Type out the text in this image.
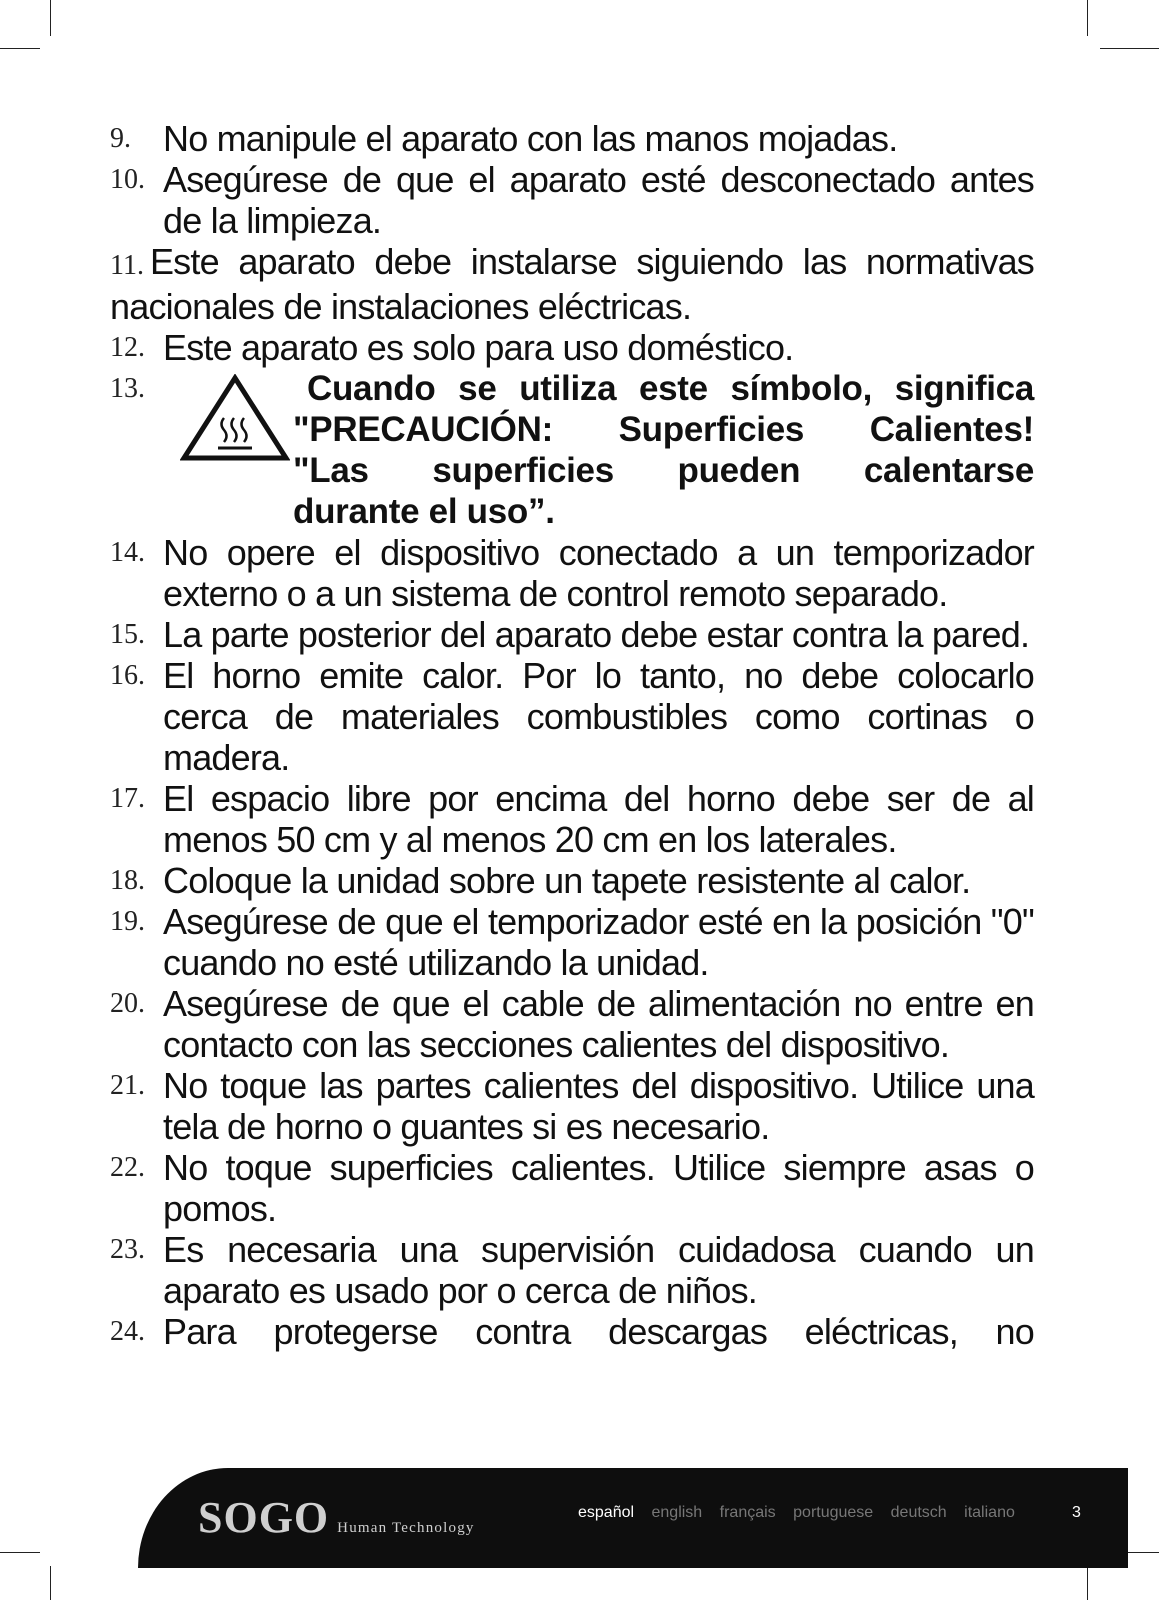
9. No manipule el aparato con las manos mojadas.
10. Asegúrese de que el aparato esté desconectado antes de la limpieza.
11. Este aparato debe instalarse siguiendo las normativas nacionales de instalaciones eléctricas.
12. Este aparato es solo para uso doméstico.
13.	Cuando se utiliza este símbolo, significa
"PRECAUCIÓN: Superficies Calientes!
"Las superficies pueden calentarse
durante el uso”.
14. No opere el dispositivo conectado a un temporizador externo o a un sistema de control remoto separado.
15. La parte posterior del aparato debe estar contra la pared.
16. El horno emite calor. Por lo tanto, no debe colocarlo cerca de materiales combustibles como cortinas o madera.
17. El espacio libre por encima del horno debe ser de al menos 50 cm y al menos 20 cm en los laterales.
18. Coloque la unidad sobre un tapete resistente al calor.
19. Asegúrese de que el temporizador esté en la posición "0" cuando no esté utilizando la unidad.
20. Asegúrese de que el cable de alimentación no entre en contacto con las secciones calientes del dispositivo.
21. No toque las partes calientes del dispositivo. Utilice una tela de horno o guantes si es necesario.
22. No toque superficies calientes. Utilice siempre asas o pomos.
23. Es necesaria una supervisión cuidadosa cuando un aparato es usado por o cerca de niños.
24. Para protegerse contra descargas eléctricas, no
SOGO Human Technology
español english français portuguese deutsch italiano	3
